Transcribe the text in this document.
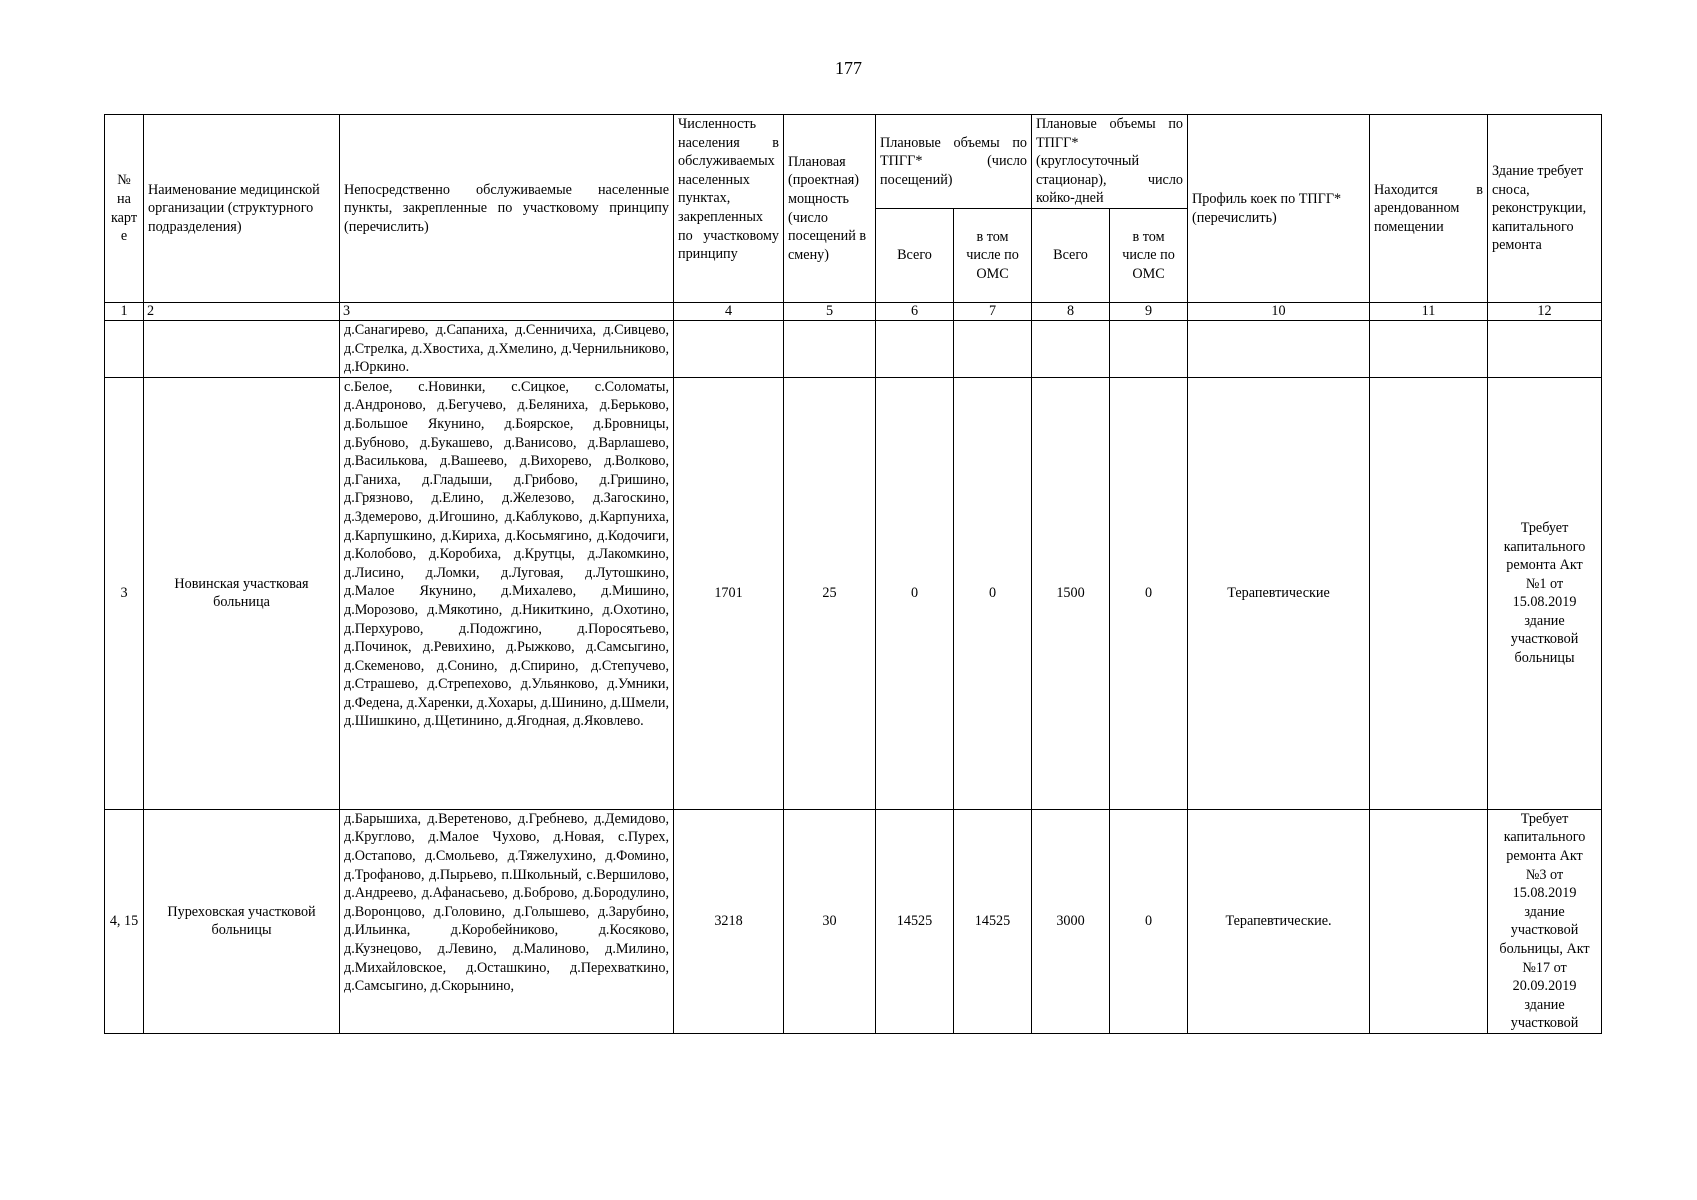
177
№ на карте	Наименование медицинской организации (структурного подразделения)	Непосредственно обслуживаемые населенные пункты, закрепленные по участковому принципу (перечислить)	Численность населения в обслуживаемых населенных пунктах, закрепленных по участковому принципу	Плановая (проектная) мощность (число посещений в смену)	Плановые объемы по ТПГГ* (число посещений)		Плановые объемы по ТПГГ* (круглосуточный стационар), число койко-дней		Профиль коек по ТПГГ* (перечислить)	Находится в арендованном помещении	Здание требует сноса, реконструкции, капитального ремонта
					Всего	в том числе по ОМС	Всего	в том числе по ОМС			
1	2	3	4	5	6	7	8	9	10	11	12
		д.Санагирево, д.Сапаниха, д.Сенничиха, д.Сивцево, д.Стрелка, д.Хвостиха, д.Хмелино, д.Чернильниково, д.Юркино.									
3	Новинская участковая больница	с.Белое, с.Новинки, с.Сицкое, с.Соломаты, д.Андроново, д.Бегучево, д.Беляниха, д.Берьково, д.Большое Якунино, д.Боярское, д.Бровницы, д.Бубново, д.Букашево, д.Ванисово, д.Варлашево, д.Василькова, д.Вашеево, д.Вихорево, д.Волково, д.Ганиха, д.Гладыши, д.Грибово, д.Гришино, д.Грязново, д.Елино, д.Железово, д.Загоскино, д.Здемерово, д.Игошино, д.Каблуково, д.Карпуниха, д.Карпушкино, д.Кириха, д.Косьмягино, д.Кодочиги, д.Колобово, д.Коробиха, д.Крутцы, д.Лакомкино, д.Лисино, д.Ломки, д.Луговая, д.Лутошкино, д.Малое Якунино, д.Михалево, д.Мишино, д.Морозово, д.Мякотино, д.Никиткино, д.Охотино, д.Перхурово, д.Подожгино, д.Поросятьево, д.Починок, д.Ревихино, д.Рыжково, д.Самсыгино, д.Скеменово, д.Сонино, д.Спирино, д.Степучево, д.Страшево, д.Стрепехово, д.Ульянково, д.Умники, д.Федена, д.Харенки, д.Хохары, д.Шинино, д.Шмели, д.Шишкино, д.Щетинино, д.Ягодная, д.Яковлево.	1701	25	0	0	1500	0	Терапевтические		Требует капитального ремонта Акт №1 от 15.08.2019 здание участковой больницы
4, 15	Пурехoвская участковой больницы	д.Барышиха, д.Веретеново, д.Гребнево, д.Демидово, д.Круглово, д.Малое Чухово, д.Новая, с.Пурех, д.Остапово, д.Смольево, д.Тяжелухино, д.Фомино, д.Трофаново, д.Пырьево, п.Школьный, с.Вершилово, д.Андреево, д.Афанасьево, д.Боброво, д.Бородулино, д.Воронцово, д.Головино, д.Голышево, д.Зарубино, д.Ильинка, д.Коробейниково, д.Косяково, д.Кузнецово, д.Левино, д.Малиново, д.Милино, д.Михайловское, д.Осташкино, д.Перехваткино, д.Самсыгино, д.Скорынино,	3218	30	14525	14525	3000	0	Терапевтические.		Требует капитального ремонта Акт №3 от 15.08.2019 здание участковой больницы, Акт №17 от 20.09.2019 здание участковой
